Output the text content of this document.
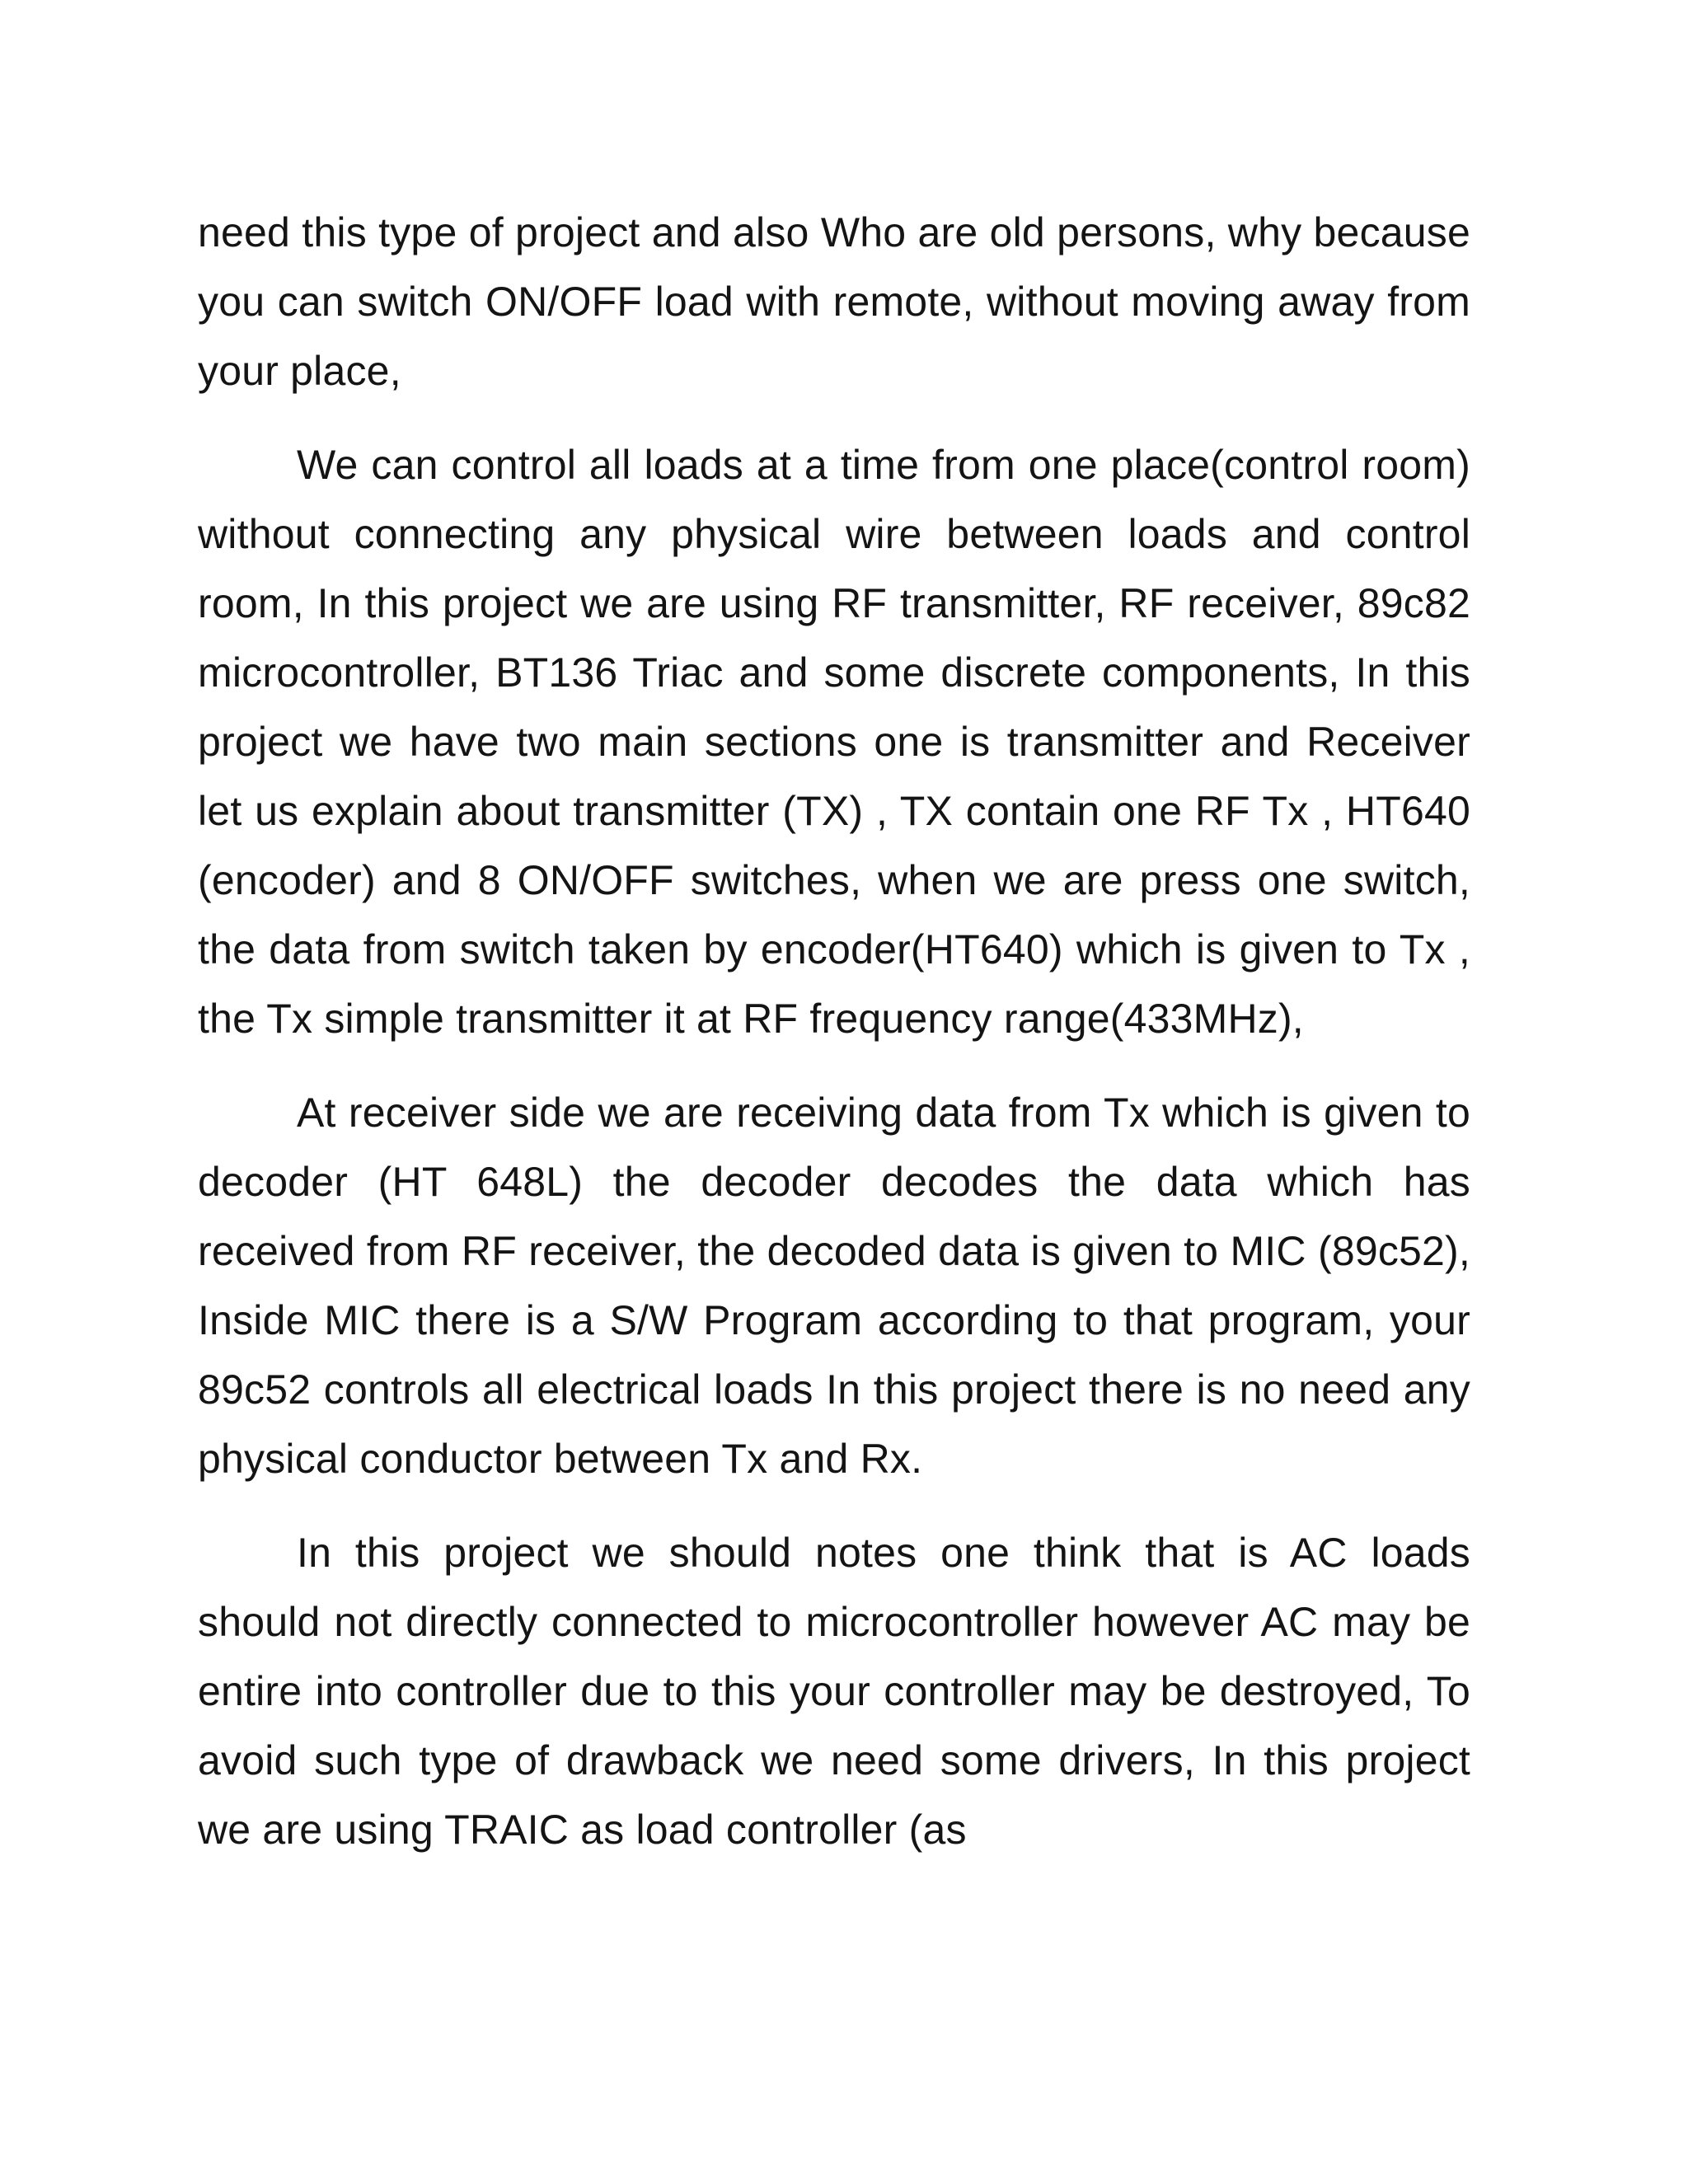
need this type of project and also Who are old persons, why because you can switch ON/OFF load with remote, without moving away from your place,

We can control all loads at a time from one place(control room) without connecting any physical wire between loads and control room, In this project we are using RF transmitter, RF receiver, 89c82 microcontroller, BT136 Triac and some discrete components, In this project we have two main sections one is transmitter and Receiver let us explain about transmitter (TX) , TX contain one RF Tx , HT640 (encoder) and 8 ON/OFF switches, when we are press one switch, the data from switch taken by encoder(HT640) which is given to Tx , the Tx simple transmitter it at RF frequency range(433MHz),

At receiver side we are receiving data from Tx which is given to decoder (HT 648L) the decoder decodes the data which has received from RF receiver, the decoded data is given to MIC (89c52), Inside MIC there is a S/W Program according to that program, your 89c52 controls all electrical loads In this project there is no need any physical conductor between Tx and Rx.

In this project we should notes one think that is AC loads should not directly connected to microcontroller however AC may be entire into controller due to this your controller may be destroyed, To avoid such type of drawback we need some drivers, In this project we are using TRAIC as load controller (as
